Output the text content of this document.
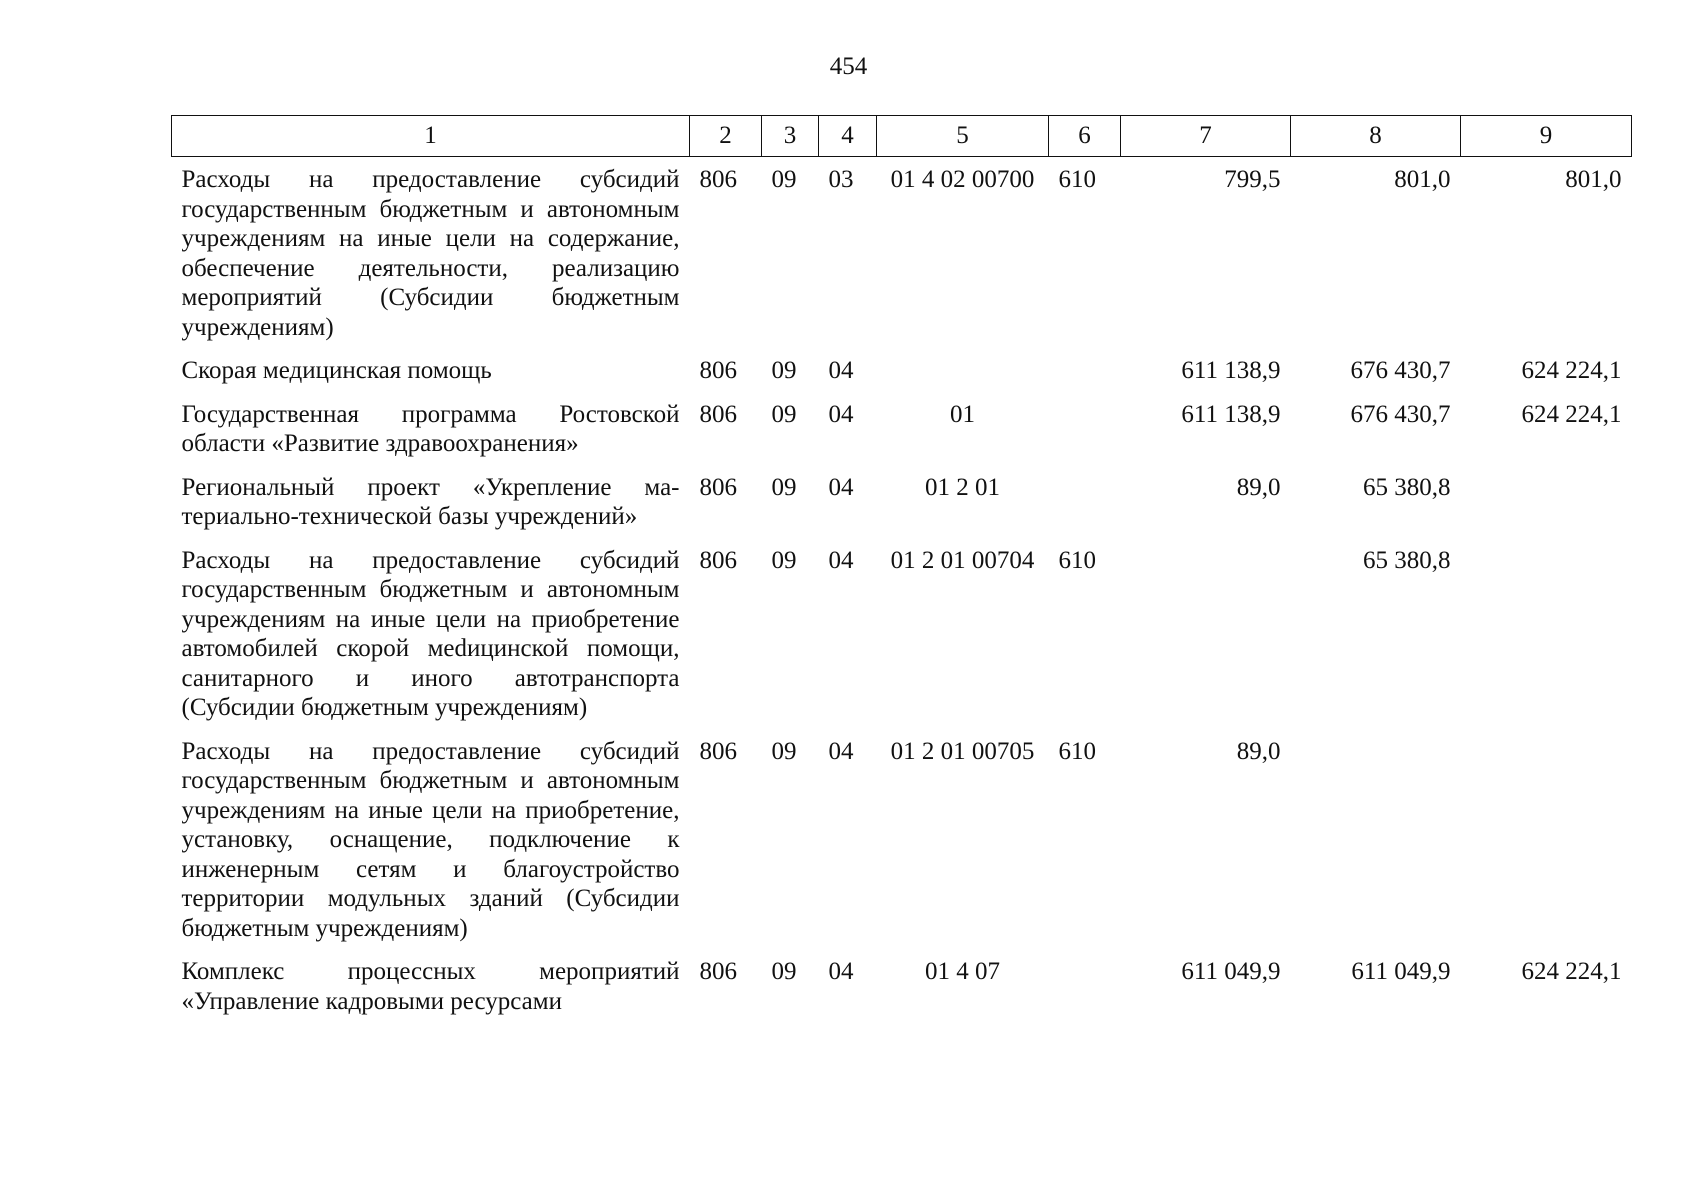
454
1	2	3	4	5	6	7	8	9
Расходы на предоставление субсидий государственным бюджетным и автономным учреждениям на иные цели на содержание, обеспечение деятельности, реализацию мероприятий (Субсидии бюджетным учреждениям)	806	09	03	01 4 02 00700	610	799,5	801,0	801,0
Скорая медицинская помощь	806	09	04			611 138,9	676 430,7	624 224,1
Государственная программа Ростовской области «Развитие здравоохранения»	806	09	04	01		611 138,9	676 430,7	624 224,1
Региональный проект «Укрепление материально-технической базы учреждений»	806	09	04	01 2 01		89,0	65 380,8	
Расходы на предоставление субсидий государственным бюджетным и автономным учреждениям на иные цели на приобретение автомобилей скорой меdицинской помощи, санитарного и иного автотранспорта (Субсидии бюджетным учреждениям)	806	09	04	01 2 01 00704	610		65 380,8	
Расходы на предоставление субсидий государственным бюджетным и автономным учреждениям на иные цели на приобретение, установку, оснащение, подключение к инженерным сетям и благоустройство территории модульных зданий (Субсидии бюджетным учреждениям)	806	09	04	01 2 01 00705	610	89,0		
Комплекс процессных мероприятий «Управление кадровыми ресурсами	806	09	04	01 4 07		611 049,9	611 049,9	624 224,1
